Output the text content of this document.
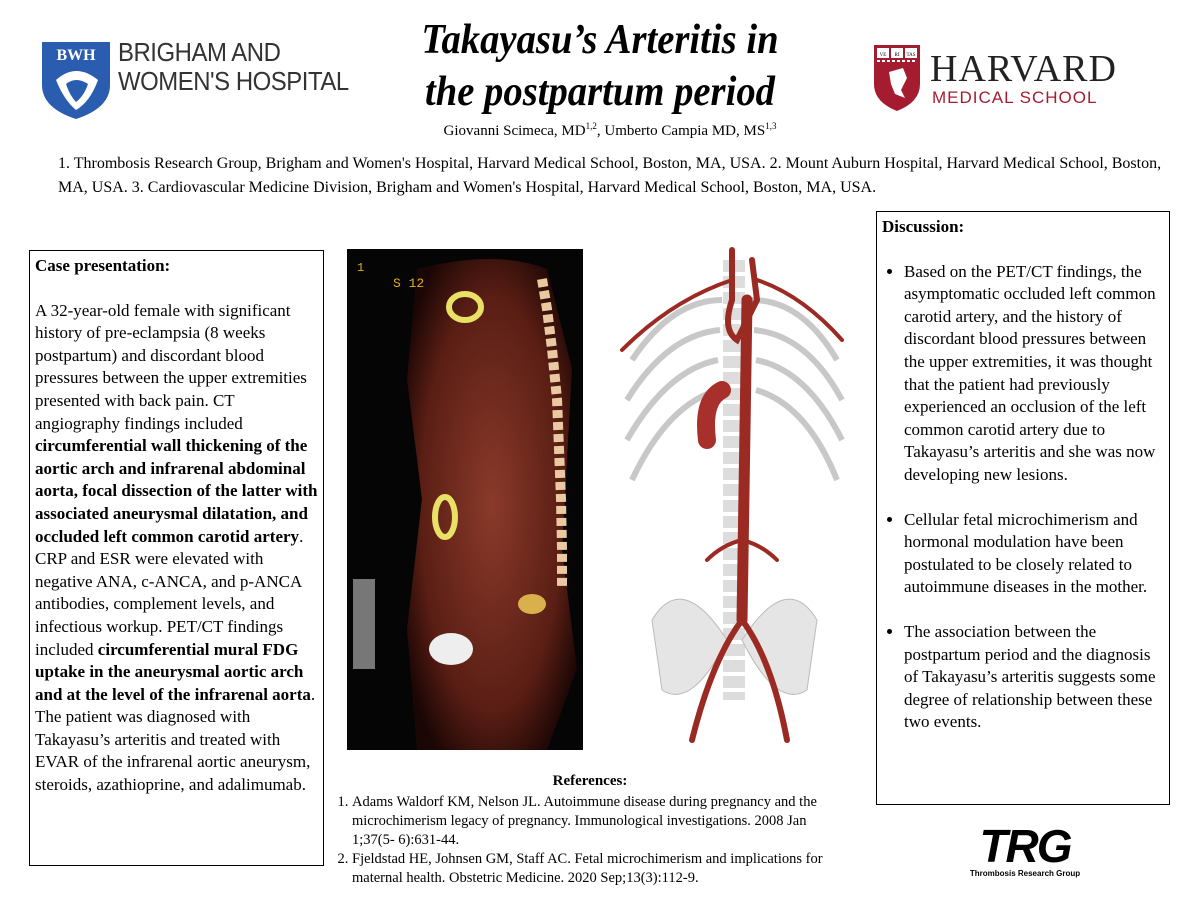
BWH BRIGHAM AND
WOMEN'S HOSPITAL
Takayasu’s Arteritis in
the postpartum period
Giovanni Scimeca, MD$^{1,2}$, Umberto Campia MD, MS$^{1,3}$
1. Thrombosis Research Group, Brigham and Women's Hospital, Harvard Medical School, Boston, MA, USA. 2. Mount Auburn Hospital, Harvard Medical School, Boston, MA, USA. 3. Cardiovascular Medicine Division, Brigham and Women's Hospital, Harvard Medical School, Boston, MA, USA.
VE RI TAS HARVARD
MEDICAL SCHOOL
Case presentation:

A 32-year-old female with significant history of pre-eclampsia (8 weeks postpartum) and discordant blood pressures between the upper extremities presented with back pain. CT angiography findings included circumferential wall thickening of the aortic arch and infrarenal abdominal aorta, focal dissection of the latter with associated aneurysmal dilatation, and occluded left common carotid artery. CRP and ESR were elevated with negative ANA, c-ANCA, and p-ANCA antibodies, complement levels, and infectious workup. PET/CT findings included circumferential mural FDG uptake in the aneurysmal aortic arch and at the level of the infrarenal aorta. The patient was diagnosed with Takayasu’s arteritis and treated with EVAR of the infrarenal aortic aneurysm, steroids, azathioprine, and adalimumab.

1
S 12
Discussion:
• Based on the PET/CT findings, the asymptomatic occluded left common carotid artery, and the history of discordant blood pressures between the upper extremities, it was thought that the patient had previously experienced an occlusion of the left common carotid artery due to Takayasu’s arteritis and she was now developing new lesions.
• Cellular fetal microchimerism and hormonal modulation have been postulated to be closely related to autoimmune diseases in the mother.
• The association between the postpartum period and the diagnosis of Takayasu’s arteritis suggests some degree of relationship between these two events.
References:
1. Adams Waldorf KM, Nelson JL. Autoimmune disease during pregnancy and the microchimerism legacy of pregnancy. Immunological investigations. 2008 Jan 1;37(5- 6):631-44.
2. Fjeldstad HE, Johnsen GM, Staff AC. Fetal microchimerism and implications for maternal health. Obstetric Medicine. 2020 Sep;13(3):112-9.
TRG
Thrombosis Research Group
